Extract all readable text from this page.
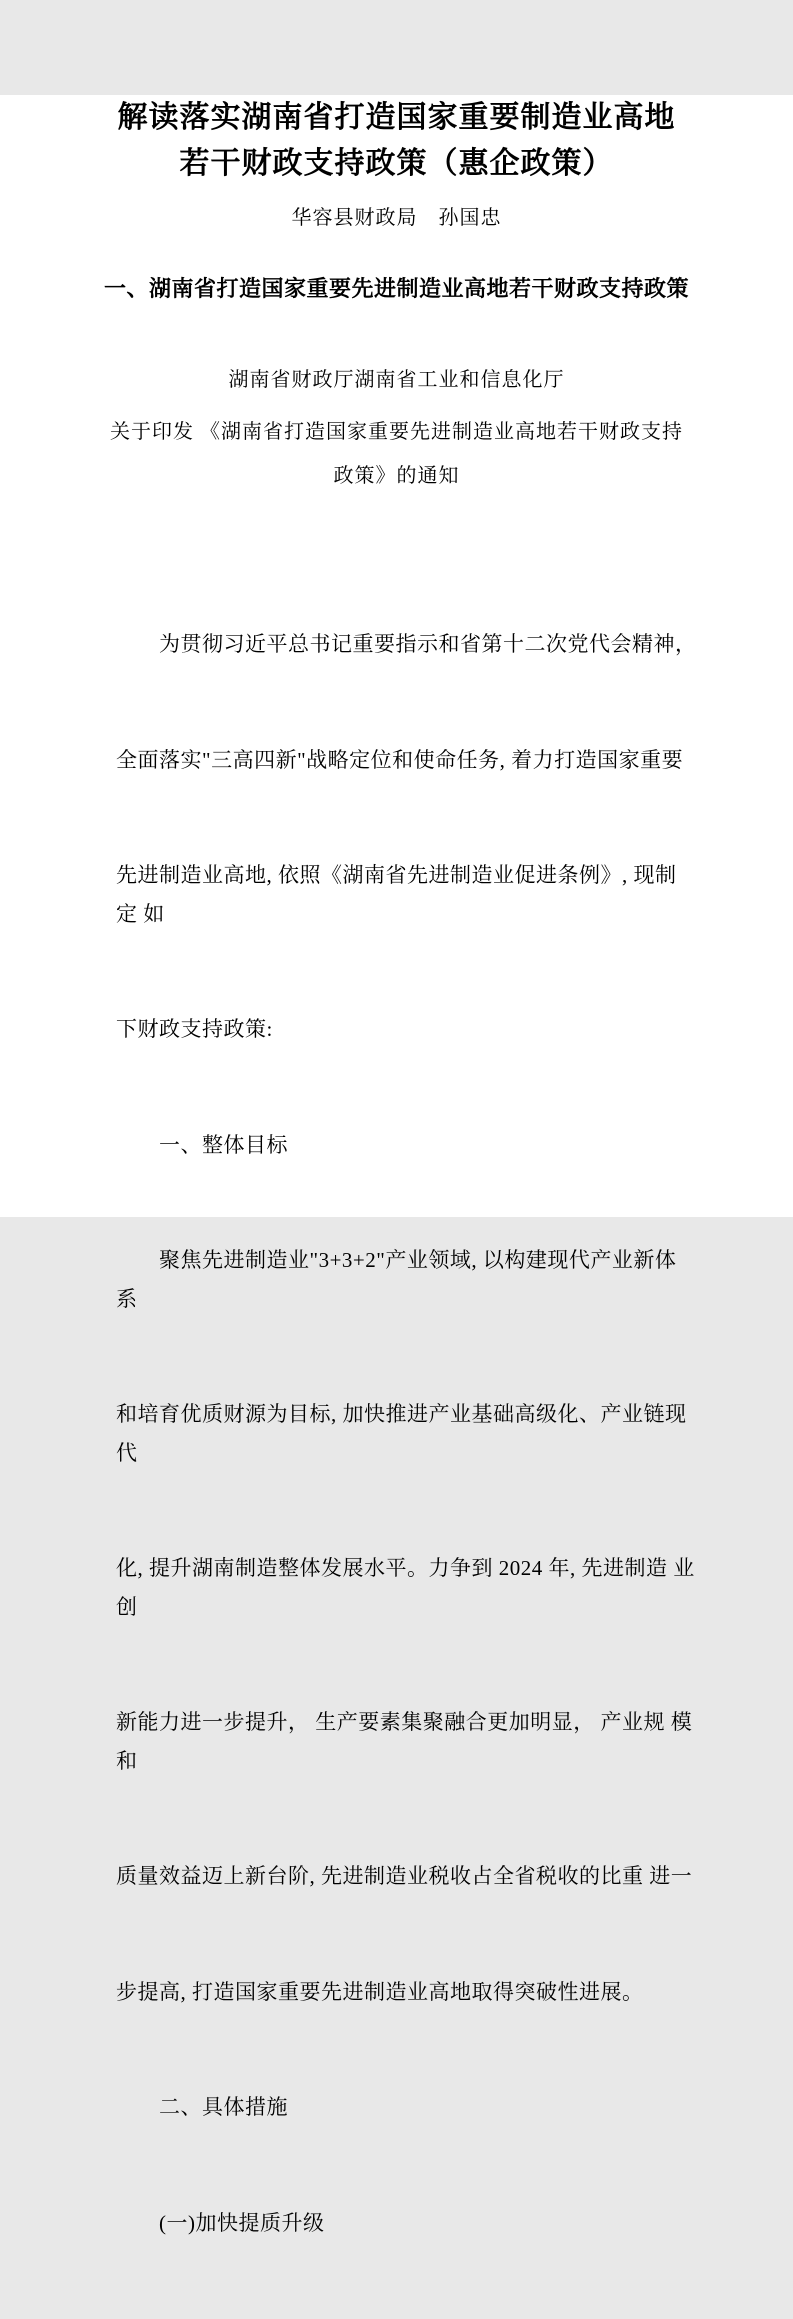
解读落实湖南省打造国家重要制造业高地
若干财政支持政策（惠企政策）
华容县财政局　孙国忠
一、湖南省打造国家重要先进制造业高地若干财政支持政策
湖南省财政厅湖南省工业和信息化厅
关于印发 《湖南省打造国家重要先进制造业高地若干财政支持
政策》的通知

　　为贯彻习近平总书记重要指示和省第十二次党代会精神，

全面落实"三高四新"战略定位和使命任务, 着力打造国家重要

先进制造业高地, 依照《湖南省先进制造业促进条例》, 现制定 如

下财政支持政策:

　　一、整体目标

　　聚焦先进制造业"3+3+2"产业领域, 以构建现代产业新体系

和培育优质财源为目标, 加快推进产业基础高级化、产业链现 代

化, 提升湖南制造整体发展水平。力争到 2024 年, 先进制造 业创

新能力进一步提升， 生产要素集聚融合更加明显， 产业规 模和

质量效益迈上新台阶, 先进制造业税收占全省税收的比重 进一

步提高, 打造国家重要先进制造业高地取得突破性进展。

　　二、具体措施

　　(一)加快提质升级
